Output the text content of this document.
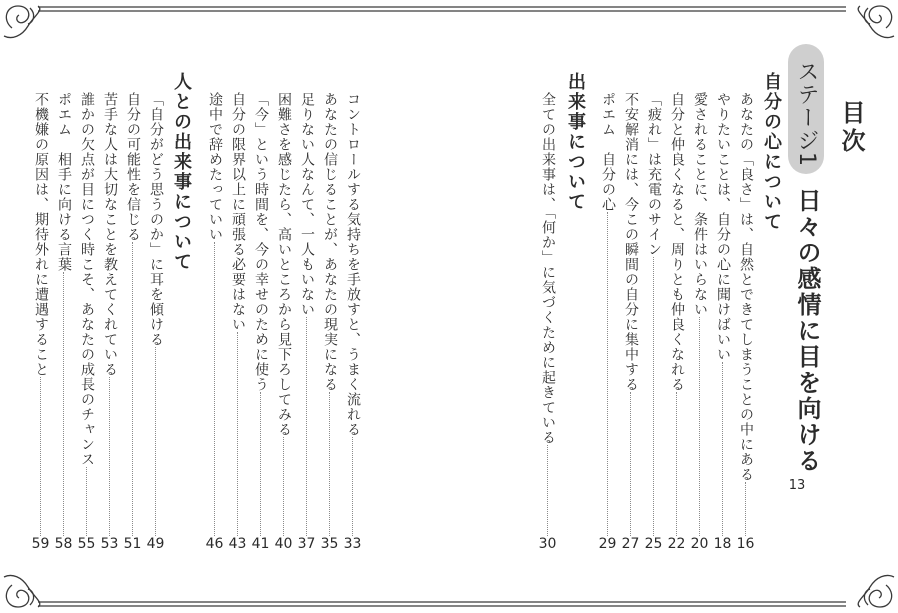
目次
ステージ1
日々の感情に目を向ける
13
自分の心について
あなたの「良さ」は、自然とできてしまうことの中にある
16
やりたいことは、自分の心に聞けばいい
18
愛されることに、条件はいらない
20
自分と仲良くなると、周りとも仲良くなれる
22
「疲れ」は充電のサイン
25
不安解消には、今この瞬間の自分に集中する
27
ポエム　自分の心
29
出来事について
全ての出来事は、「何か」に気づくために起きている
30
コントロールする気持ちを手放すと、うまく流れる
33
あなたの信じることが、あなたの現実になる
35
足りない人なんて、一人もいない
37
困難さを感じたら、高いところから見下ろしてみる
40
「今」という時間を、今の幸せのために使う
41
自分の限界以上に頑張る必要はない
43
途中で辞めたっていい
46
人との出来事について
「自分がどう思うのか」に耳を傾ける
49
自分の可能性を信じる
51
苦手な人は大切なことを教えてくれている
53
誰かの欠点が目につく時こそ、あなたの成長のチャンス
55
ポエム　相手に向ける言葉
58
不機嫌の原因は、期待外れに遭遇すること
59
